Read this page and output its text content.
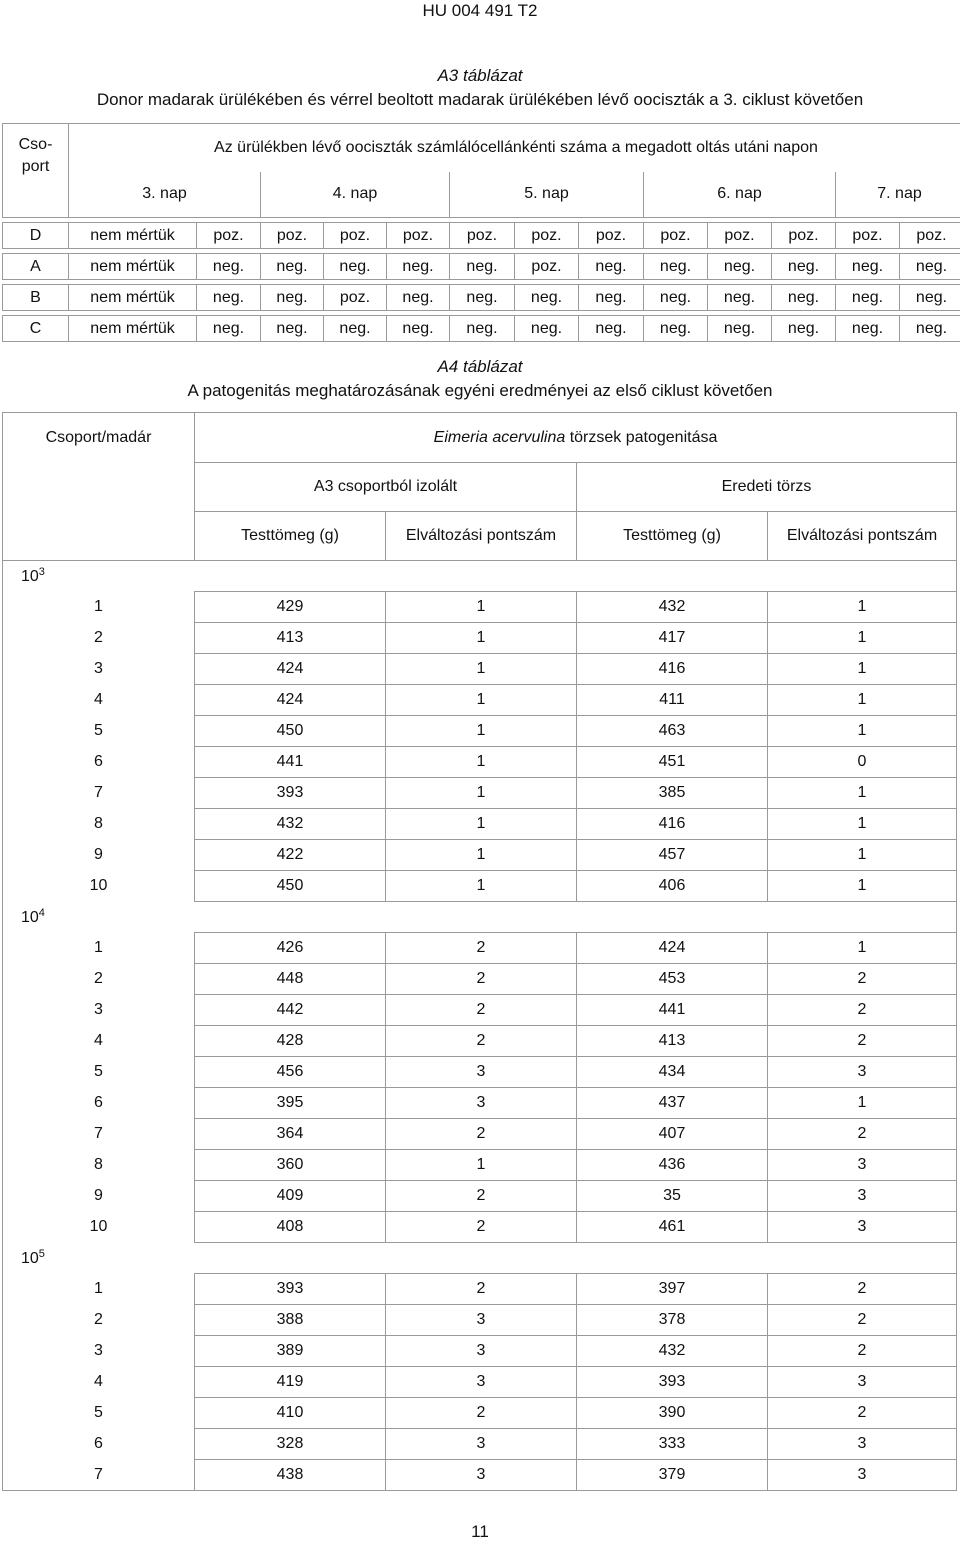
HU 004 491 T2
A3 táblázat
Donor madarak ürülékében és vérrel beoltott madarak ürülékében lévő oociszták a 3. ciklust követően
Cso-
port	Az ürülékben lévő oociszták számlálócellánkénti száma a megadott oltás utáni napon												
	3. nap		4. nap			5. nap			6. nap			7. nap	

D	nem mértük	poz.	poz.	poz.	poz.	poz.	poz.	poz.	poz.	poz.	poz.	poz.	poz.

A	nem mértük	neg.	neg.	neg.	neg.	neg.	poz.	neg.	neg.	neg.	neg.	neg.	neg.

B	nem mértük	neg.	neg.	poz.	neg.	neg.	neg.	neg.	neg.	neg.	neg.	neg.	neg.

C	nem mértük	neg.	neg.	neg.	neg.	neg.	neg.	neg.	neg.	neg.	neg.	neg.	neg.
A4 táblázat
A patogenitás meghatározásának egyéni eredményei az első ciklust követően
Csoport/madár	Eimeria acervulina törzsek patogenitása			
	A3 csoportból izolált		Eredeti törzs	
	Testtömeg (g)	Elváltozási pontszám	Testtömeg (g)	Elváltozási pontszám
$10^3$
1	429	1	432	1
2	413	1	417	1
3	424	1	416	1
4	424	1	411	1
5	450	1	463	1
6	441	1	451	0
7	393	1	385	1
8	432	1	416	1
9	422	1	457	1
10	450	1	406	1
$10^4$
1	426	2	424	1
2	448	2	453	2
3	442	2	441	2
4	428	2	413	2
5	456	3	434	3
6	395	3	437	1
7	364	2	407	2
8	360	1	436	3
9	409	2	35	3
10	408	2	461	3
$10^5$
1	393	2	397	2
2	388	3	378	2
3	389	3	432	2
4	419	3	393	3
5	410	2	390	2
6	328	3	333	3
7	438	3	379	3
11
